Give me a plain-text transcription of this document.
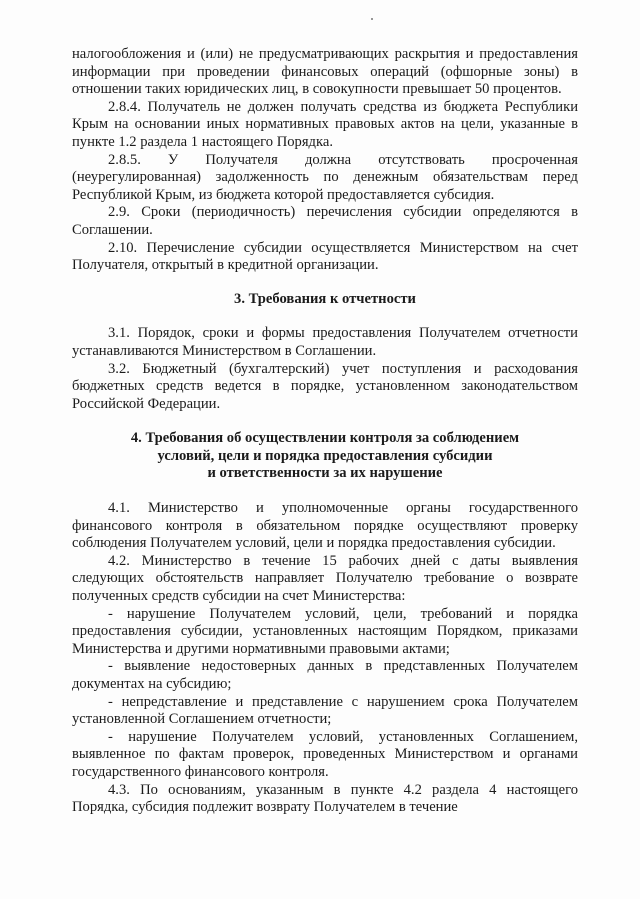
налогообложения и (или) не предусматривающих раскрытия и предоставления информации при проведении финансовых операций (офшорные зоны) в отношении таких юридических лиц, в совокупности превышает 50 процентов.

2.8.4. Получатель не должен получать средства из бюджета Республики Крым на основании иных нормативных правовых актов на цели, указанные в пункте 1.2 раздела 1 настоящего Порядка.

2.8.5. У Получателя должна отсутствовать просроченная (неурегулированная) задолженность по денежным обязательствам перед Республикой Крым, из бюджета которой предоставляется субсидия.

2.9. Сроки (периодичность) перечисления субсидии определяются в Соглашении.

2.10. Перечисление субсидии осуществляется Министерством на счет Получателя, открытый в кредитной организации.

3. Требования к отчетности

3.1. Порядок, сроки и формы предоставления Получателем отчетности устанавливаются Министерством в Соглашении.

3.2. Бюджетный (бухгалтерский) учет поступления и расходования бюджетных средств ведется в порядке, установленном законодательством Российской Федерации.

4. Требования об осуществлении контроля за соблюдением
условий, цели и порядка предоставления субсидии
и ответственности за их нарушение

4.1. Министерство и уполномоченные органы государственного финансового контроля в обязательном порядке осуществляют проверку соблюдения Получателем условий, цели и порядка предоставления субсидии.

4.2. Министерство в течение 15 рабочих дней с даты выявления следующих обстоятельств направляет Получателю требование о возврате полученных средств субсидии на счет Министерства:

- нарушение Получателем условий, цели, требований и порядка предоставления субсидии, установленных настоящим Порядком, приказами Министерства и другими нормативными правовыми актами;

- выявление недостоверных данных в представленных Получателем документах на субсидию;

- непредставление и представление с нарушением срока Получателем установленной Соглашением отчетности;

- нарушение Получателем условий, установленных Соглашением, выявленное по фактам проверок, проведенных Министерством и органами государственного финансового контроля.

4.3. По основаниям, указанным в пункте 4.2 раздела 4 настоящего Порядка, субсидия подлежит возврату Получателем в течение
